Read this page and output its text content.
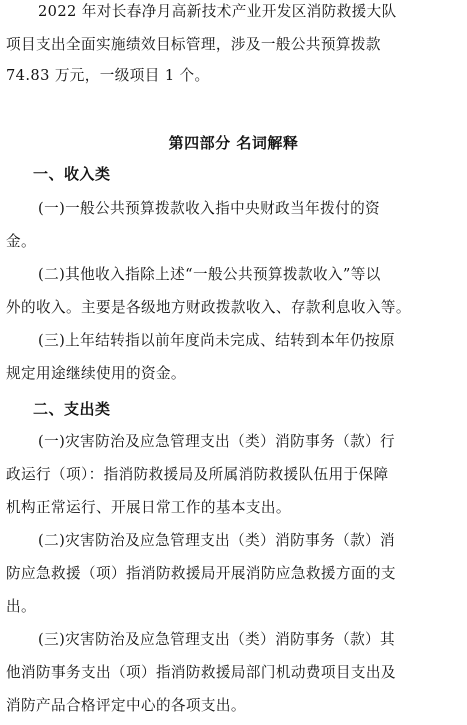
2022 年对长春净月高新技术产业开发区消防救援大队
项目支出全面实施绩效目标管理，涉及一般公共预算拨款
74.83 万元，一级项目 1 个。
第四部分 名词解释
一、收入类
(一)一般公共预算拨款收入指中央财政当年拨付的资
金。
(二)其他收入指除上述“一般公共预算拨款收入”等以
外的收入。主要是各级地方财政拨款收入、存款利息收入等。
(三)上年结转指以前年度尚未完成、结转到本年仍按原
规定用途继续使用的资金。
二、支出类
(一)灾害防治及应急管理支出（类）消防事务（款）行
政运行（项）：指消防救援局及所属消防救援队伍用于保障
机构正常运行、开展日常工作的基本支出。
(二)灾害防治及应急管理支出（类）消防事务（款）消
防应急救援（项）指消防救援局开展消防应急救援方面的支
出。
(三)灾害防治及应急管理支出（类）消防事务（款）其
他消防事务支出（项）指消防救援局部门机动费项目支出及
消防产品合格评定中心的各项支出。
